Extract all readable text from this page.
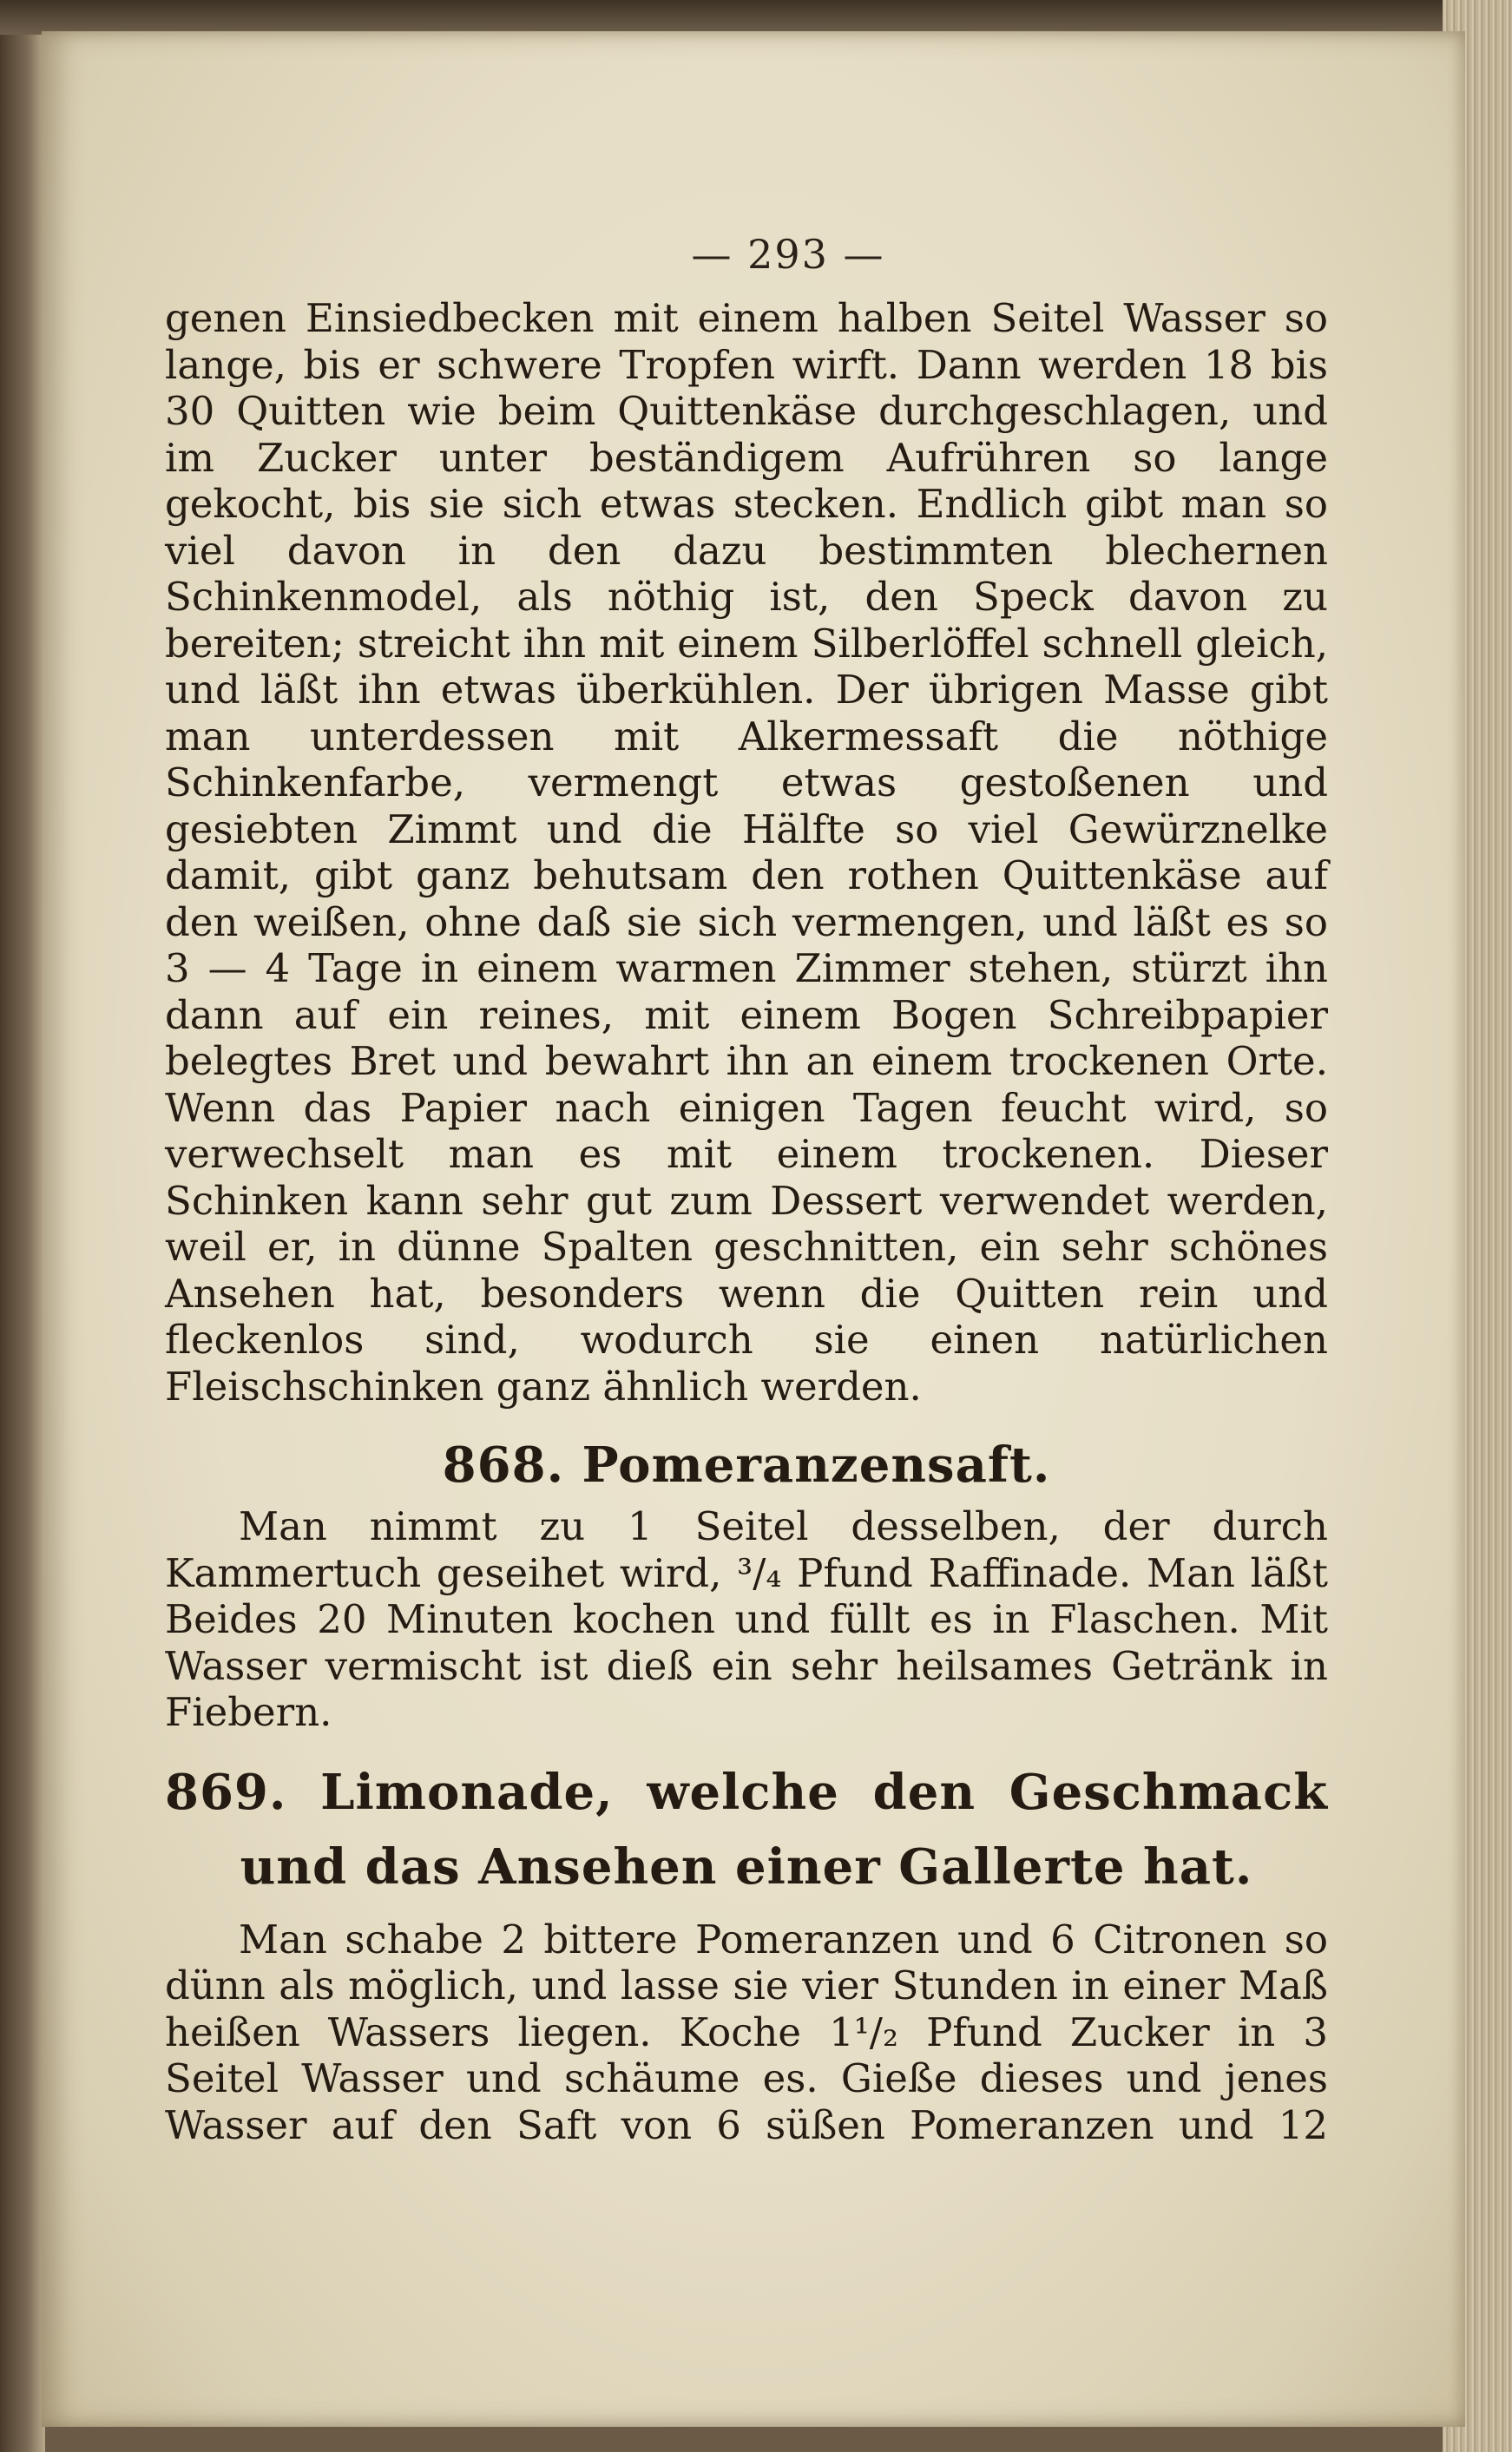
— 293 —

genen Einsiedbecken mit einem halben Seitel Wasser so lange, bis er schwere Tropfen wirft. Dann werden 18 bis 30 Quitten wie beim Quittenkäse durchgeschlagen, und im Zucker unter beständigem Aufrühren so lange gekocht, bis sie sich etwas stecken. Endlich gibt man so viel davon in den dazu bestimmten blechernen Schinkenmodel, als nöthig ist, den Speck davon zu bereiten; streicht ihn mit einem Silberlöffel schnell gleich, und läßt ihn etwas überkühlen. Der übrigen Masse gibt man unterdessen mit Alkermessaft die nöthige Schinkenfarbe, vermengt etwas gestoßenen und gesiebten Zimmt und die Hälfte so viel Gewürznelke damit, gibt ganz behutsam den rothen Quittenkäse auf den weißen, ohne daß sie sich vermengen, und läßt es so 3 — 4 Tage in einem warmen Zimmer stehen, stürzt ihn dann auf ein reines, mit einem Bogen Schreibpapier belegtes Bret und bewahrt ihn an einem trockenen Orte. Wenn das Papier nach einigen Tagen feucht wird, so verwechselt man es mit einem trockenen. Dieser Schinken kann sehr gut zum Dessert verwendet werden, weil er, in dünne Spalten geschnitten, ein sehr schönes Ansehen hat, besonders wenn die Quitten rein und fleckenlos sind, wodurch sie einen natürlichen Fleischschinken ganz ähnlich werden.

868. Pomeranzensaft.

Man nimmt zu 1 Seitel desselben, der durch Kammertuch geseihet wird, ³/₄ Pfund Raffinade. Man läßt Beides 20 Minuten kochen und füllt es in Flaschen. Mit Wasser vermischt ist dieß ein sehr heilsames Getränk in Fiebern.

869. Limonade, welche den Geschmack und das Ansehen einer Gallerte hat.

Man schabe 2 bittere Pomeranzen und 6 Citronen so dünn als möglich, und lasse sie vier Stunden in einer Maß heißen Wassers liegen. Koche 1¹/₂ Pfund Zucker in 3 Seitel Wasser und schäume es. Gieße dieses und jenes Wasser auf den Saft von 6 süßen Pomeranzen und 12
